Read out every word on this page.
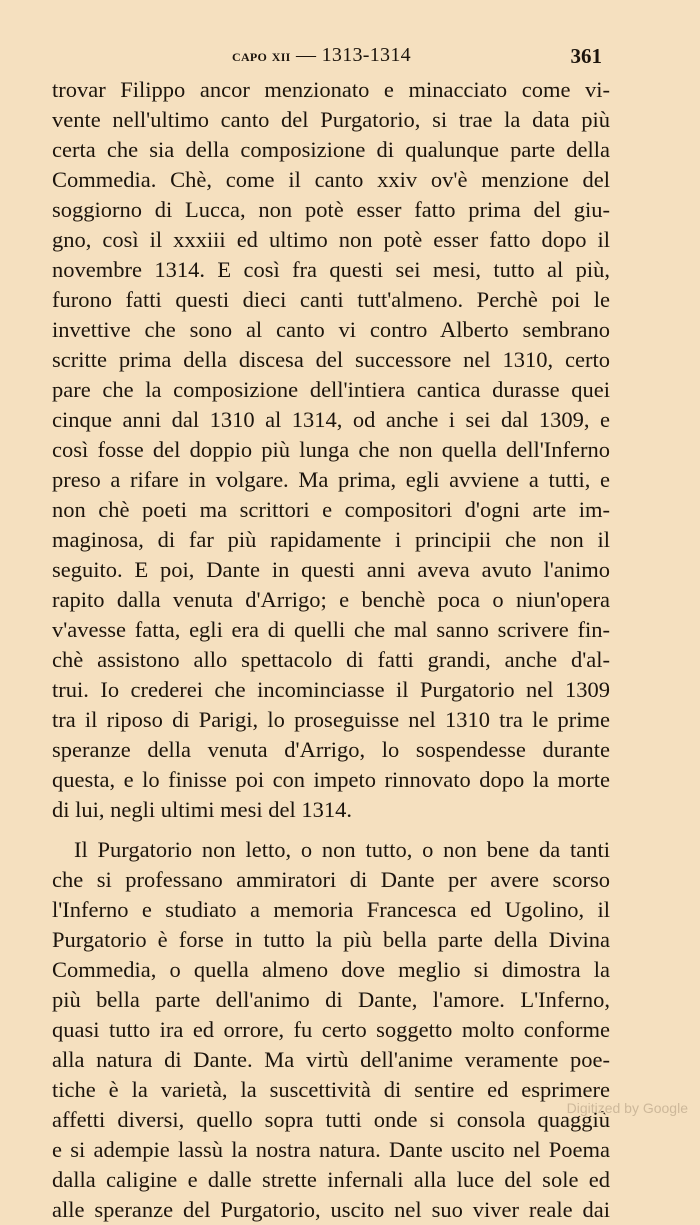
capo xii — 1313-1314	361
trovar Filippo ancor menzionato e minacciato come vi-
vente nell'ultimo canto del Purgatorio, si trae la data più
certa che sia della composizione di qualunque parte della
Commedia. Chè, come il canto xxiv ov'è menzione del
soggiorno di Lucca, non potè esser fatto prima del giu-
gno, così il xxxiii ed ultimo non potè esser fatto dopo il
novembre 1314. E così fra questi sei mesi, tutto al più,
furono fatti questi dieci canti tutt'almeno. Perchè poi le
invettive che sono al canto vi contro Alberto sembrano
scritte prima della discesa del successore nel 1310, certo
pare che la composizione dell'intiera cantica durasse quei
cinque anni dal 1310 al 1314, od anche i sei dal 1309, e
così fosse del doppio più lunga che non quella dell'Inferno
preso a rifare in volgare. Ma prima, egli avviene a tutti, e
non chè poeti ma scrittori e compositori d'ogni arte im-
maginosa, di far più rapidamente i principii che non il
seguito. E poi, Dante in questi anni aveva avuto l'animo
rapito dalla venuta d'Arrigo; e benchè poca o niun'opera
v'avesse fatta, egli era di quelli che mal sanno scrivere fin-
chè assistono allo spettacolo di fatti grandi, anche d'al-
trui. Io crederei che incominciasse il Purgatorio nel 1309
tra il riposo di Parigi, lo proseguisse nel 1310 tra le prime
speranze della venuta d'Arrigo, lo sospendesse durante
questa, e lo finisse poi con impeto rinnovato dopo la morte
di lui, negli ultimi mesi del 1314.
Il Purgatorio non letto, o non tutto, o non bene da tanti
che si professano ammiratori di Dante per avere scorso
l'Inferno e studiato a memoria Francesca ed Ugolino, il
Purgatorio è forse in tutto la più bella parte della Divina
Commedia, o quella almeno dove meglio si dimostra la
più bella parte dell'animo di Dante, l'amore. L'Inferno,
quasi tutto ira ed orrore, fu certo soggetto molto conforme
alla natura di Dante. Ma virtù dell'anime veramente poe-
tiche è la varietà, la suscettività di sentire ed esprimere
affetti diversi, quello sopra tutti onde si consola quaggiù
e si adempie lassù la nostra natura. Dante uscito nel Poema
dalla caligine e dalle strette infernali alla luce del sole ed
alle speranze del Purgatorio, uscito nel suo viver reale dai
Digitized by Google
